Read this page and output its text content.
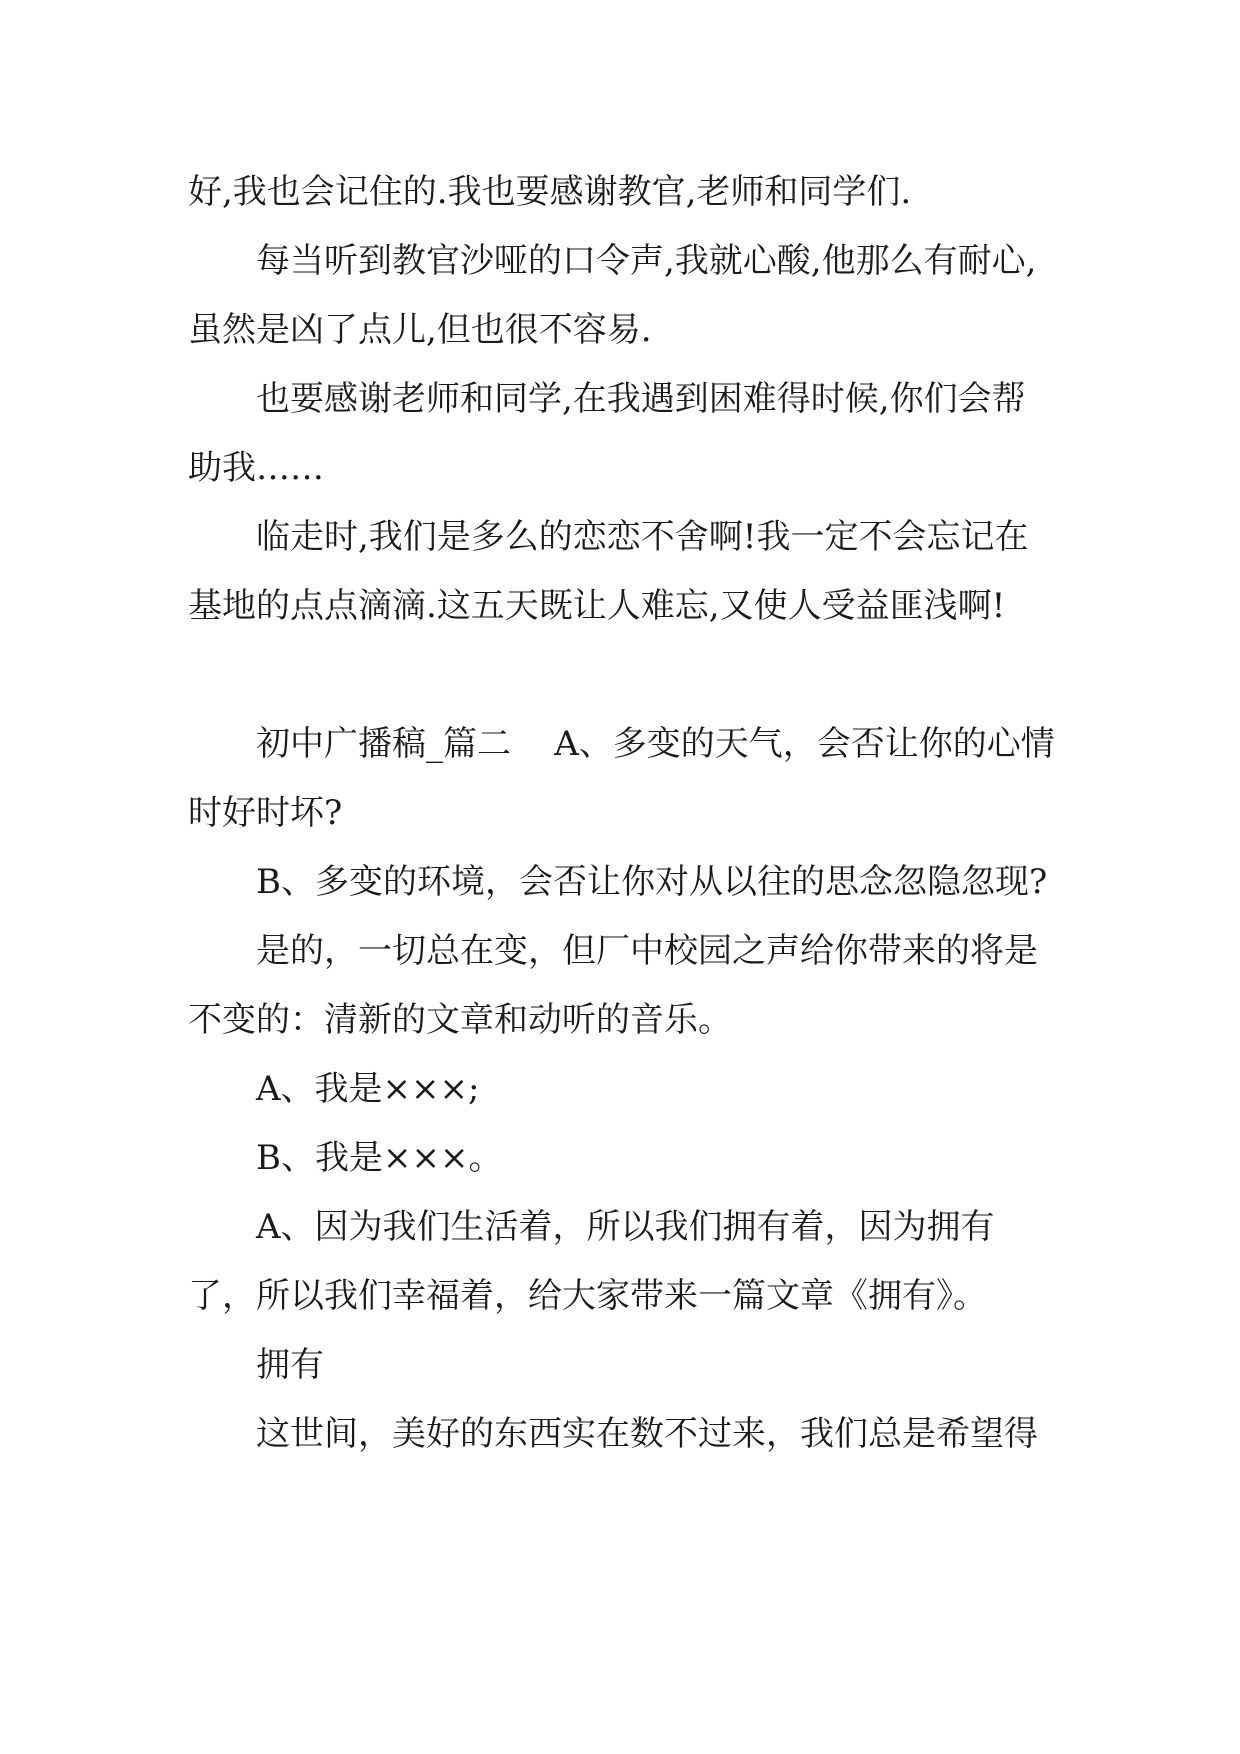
好,我也会记住的.我也要感谢教官,老师和同学们.

每当听到教官沙哑的口令声,我就心酸,他那么有耐心,虽然是凶了点儿,但也很不容易.

也要感谢老师和同学,在我遇到困难得时候,你们会帮助我……

临走时,我们是多么的恋恋不舍啊!我一定不会忘记在基地的点点滴滴.这五天既让人难忘,又使人受益匪浅啊!

初中广播稿_篇二    A、多变的天气，会否让你的心情时好时坏?

B、多变的环境，会否让你对从以往的思念忽隐忽现?

是的，一切总在变，但厂中校园之声给你带来的将是不变的：清新的文章和动听的音乐。

A、我是×××;

B、我是×××。

A、因为我们生活着，所以我们拥有着，因为拥有了，所以我们幸福着，给大家带来一篇文章《拥有》。

拥有

这世间，美好的东西实在数不过来，我们总是希望得
